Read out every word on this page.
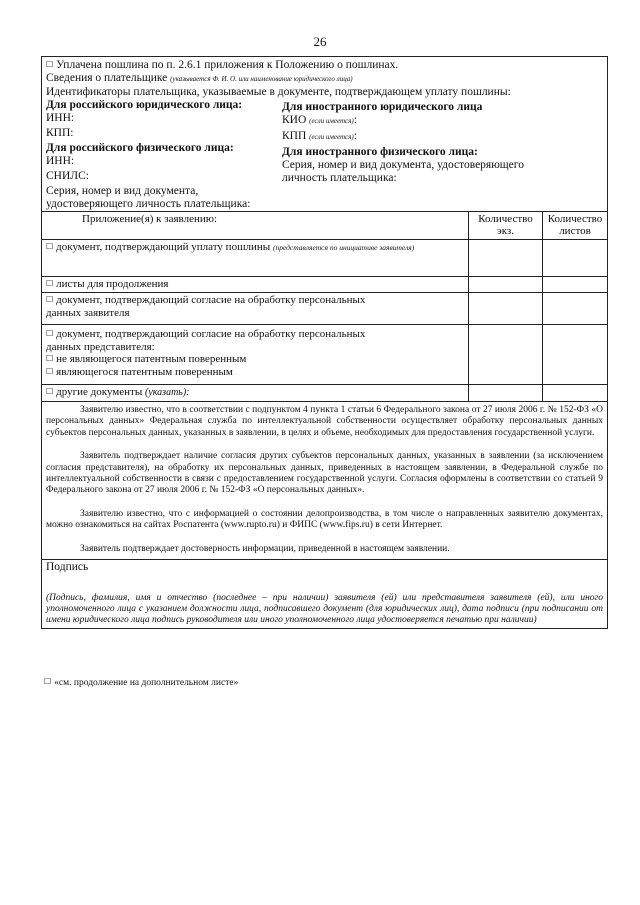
26
☐ Уплачена пошлина по п. 2.6.1 приложения к Положению о пошлинах.
Сведения о плательщике (указывается Ф. И. О. или наименование юридического лица)
Идентификаторы плательщика, указываемые в документе, подтверждающем уплату пошлины:
Для российского юридического лица:
ИНН:
КПП:
Для российского физического лица:
ИНН:
СНИЛС:
Серия, номер и вид документа,
удостоверяющего личность плательщика:
Для иностранного юридического лица
КИО (если имеется):
КПП (если имеется):
Для иностранного физического лица:
Серия, номер и вид документа, удостоверяющего
личность плательщика:
Приложение(я) к заявлению:	Количество экз.
Количество листов
☐ документ, подтверждающий уплату пошлины (представляется по инициативе заявителя)
☐ листы для продолжения
☐ документ, подтверждающий согласие на обработку персональных
данных заявителя
☐ документ, подтверждающий согласие на обработку персональных
данных представителя:
☐ не являющегося патентным поверенным
☐ являющегося патентным поверенным
☐ другие документы (указать):
Заявителю известно, что в соответствии с подпунктом 4 пункта 1 статьи 6 Федерального закона от 27 июля 2006 г. № 152-ФЗ «О персональных данных» Федеральная служба по интеллектуальной собственности осуществляет обработку персональных данных субъектов персональных данных, указанных в заявлении, в целях и объеме, необходимых для предоставления государственной услуги.
Заявитель подтверждает наличие согласия других субъектов персональных данных, указанных в заявлении (за исключением согласия представителя), на обработку их персональных данных, приведенных в настоящем заявлении, в Федеральной службе по интеллектуальной собственности в связи с предоставлением государственной услуги. Согласия оформлены в соответствии со статьей 9 Федерального закона от 27 июля 2006 г. № 152-ФЗ «О персональных данных».
Заявителю известно, что с информацией о состоянии делопроизводства, в том числе о направленных заявителю документах, можно ознакомиться на сайтах Роспатента (www.rupto.ru) и ФИПС (www.fips.ru) в сети Интернет.
Заявитель подтверждает достоверность информации, приведенной в настоящем заявлении.
Подпись
(Подпись, фамилия, имя и отчество (последнее – при наличии) заявителя (ей) или представителя заявителя (ей), или иного уполномоченного лица с указанием должности лица, подписавшего документ (для юридических лиц), дата подписи (при подписании от имени юридического лица подпись руководителя или иного уполномоченного лица удостоверяется печатью при наличии)
☐ «см. продолжение на дополнительном листе»
